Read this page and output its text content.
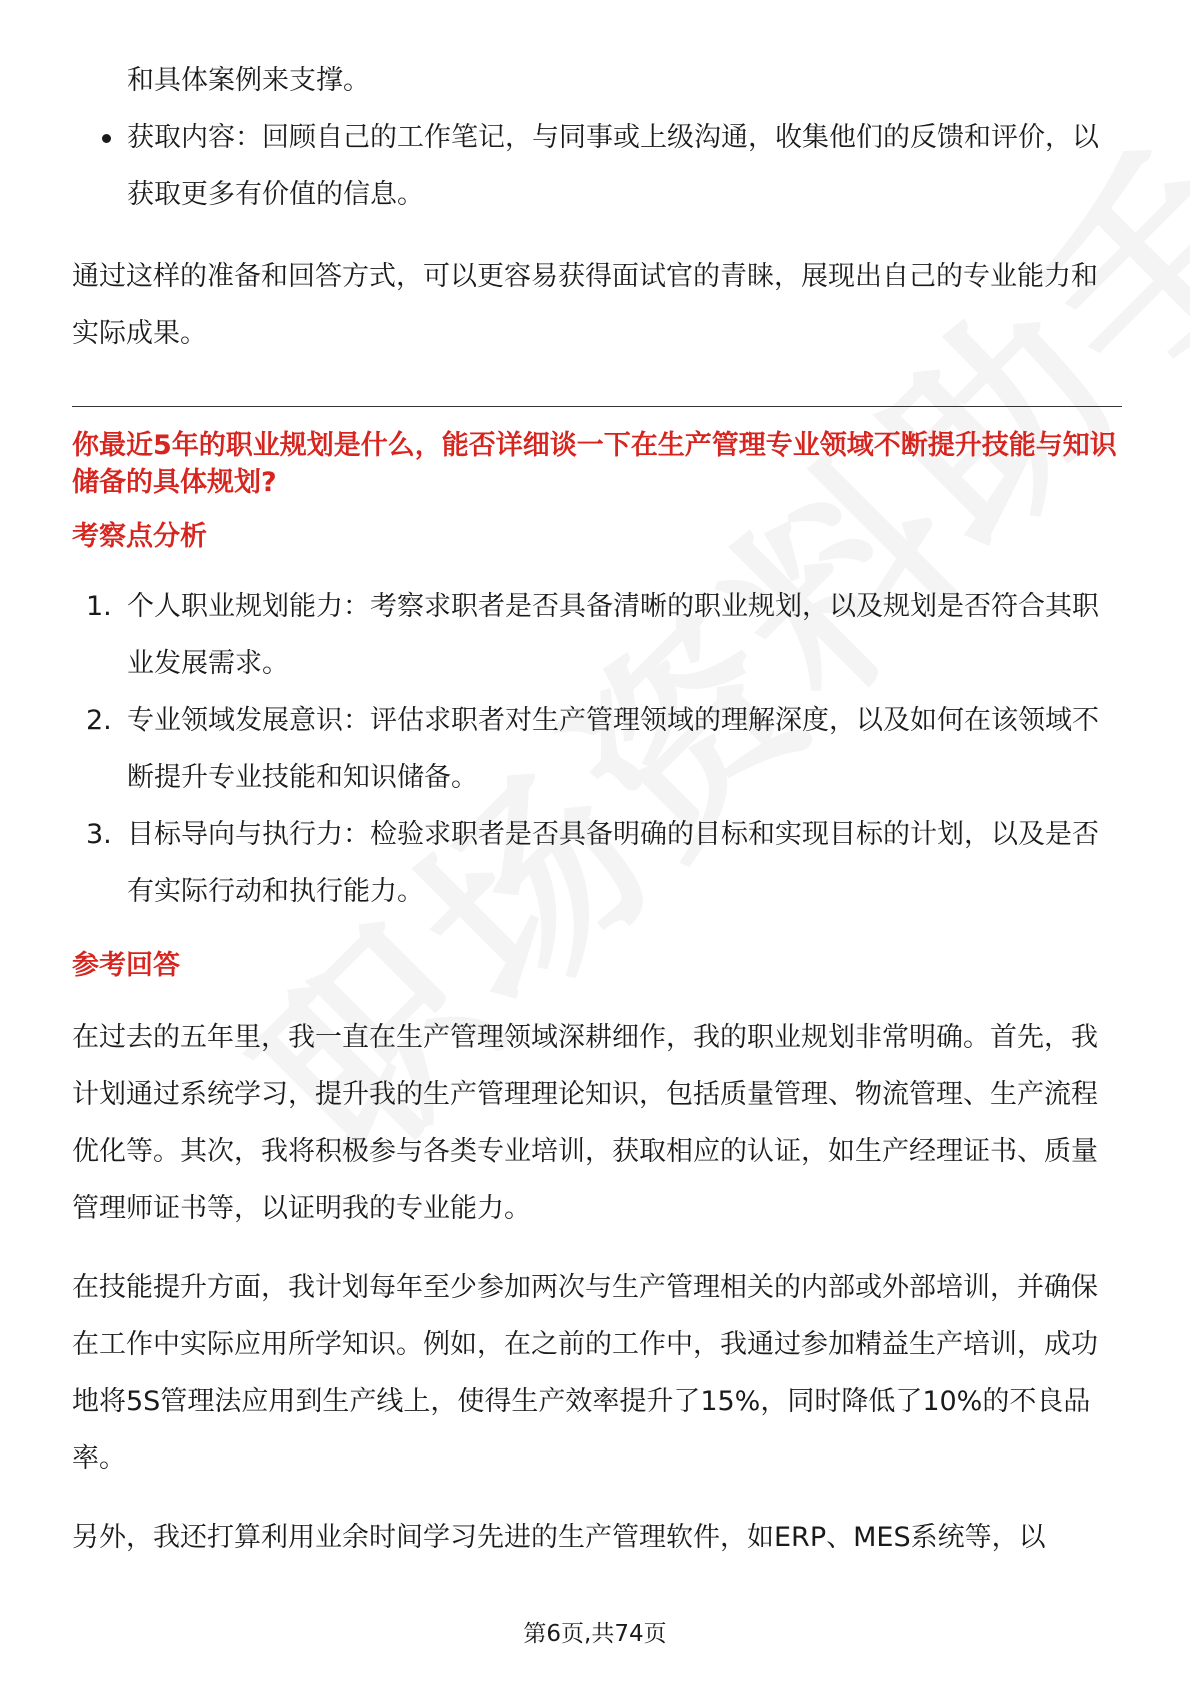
和具体案例来支撑。

获取内容：回顾自己的工作笔记，与同事或上级沟通，收集他们的反馈和评价，以获取更多有价值的信息。

通过这样的准备和回答方式，可以更容易获得面试官的青睐，展现出自己的专业能力和实际成果。

你最近5年的职业规划是什么，能否详细谈一下在生产管理专业领域不断提升技能与知识储备的具体规划?

考察点分析

1. 个人职业规划能力：考察求职者是否具备清晰的职业规划，以及规划是否符合其职业发展需求。
2. 专业领域发展意识：评估求职者对生产管理领域的理解深度，以及如何在该领域不断提升专业技能和知识储备。
3. 目标导向与执行力：检验求职者是否具备明确的目标和实现目标的计划，以及是否有实际行动和执行能力。

参考回答

在过去的五年里，我一直在生产管理领域深耕细作，我的职业规划非常明确。首先，我计划通过系统学习，提升我的生产管理理论知识，包括质量管理、物流管理、生产流程优化等。其次，我将积极参与各类专业培训，获取相应的认证，如生产经理证书、质量管理师证书等，以证明我的专业能力。

在技能提升方面，我计划每年至少参加两次与生产管理相关的内部或外部培训，并确保在工作中实际应用所学知识。例如，在之前的工作中，我通过参加精益生产培训，成功地将5S管理法应用到生产线上，使得生产效率提升了15%，同时降低了10%的不良品率。

另外，我还打算利用业余时间学习先进的生产管理软件，如ERP、MES系统等，以

第6页,共74页
